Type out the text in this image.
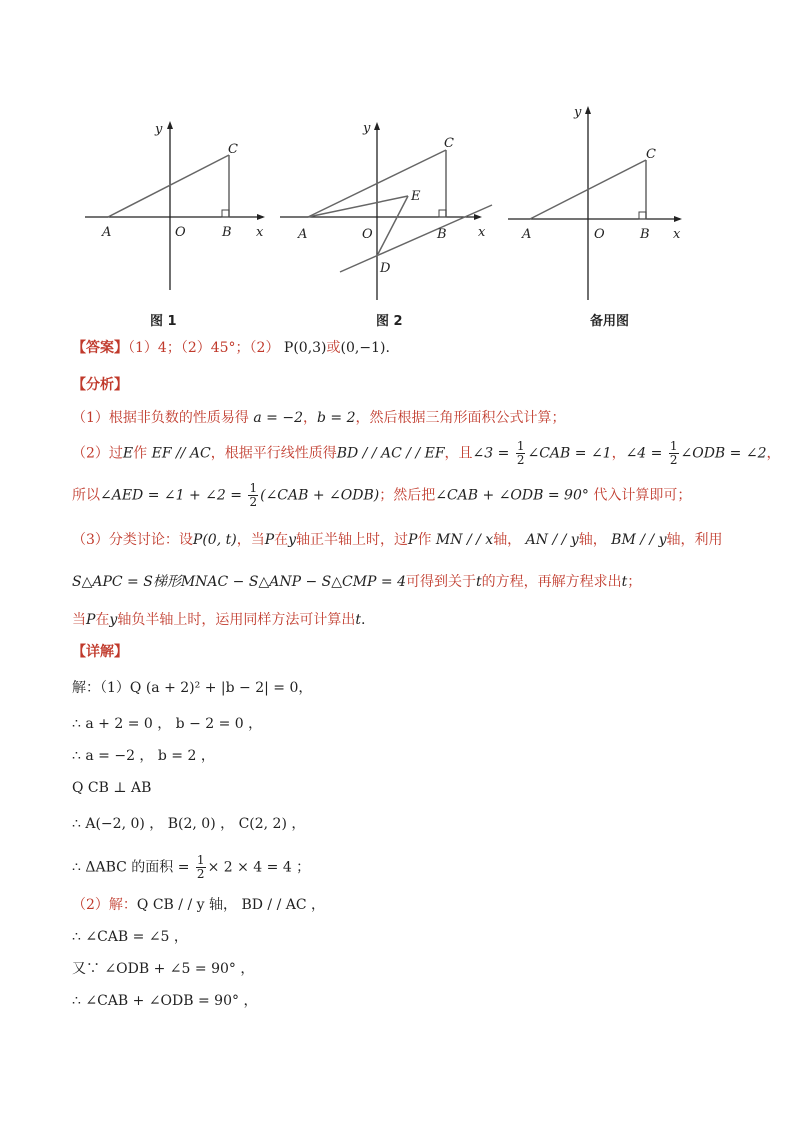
y
x
A	O	B
C
图 1
y
x
A	O	B
C
E
D
图 2
y
x
A	O	B
C
备用图
【答案】（1）4；（2）45°；（2） P(0,3)或(0,−1).
【分析】
（1）根据非负数的性质易得 a = −2，b = 2，然后根据三角形面积公式计算；
（2）过E作 EF // AC，根据平行线性质得BD / / AC / / EF，且∠3 = $\frac{1}{2}$ ∠CAB = ∠1，∠4 = $\frac{1}{2}$ ∠ODB = ∠2，
所以∠AED = ∠1 + ∠2 = $\frac{1}{2}$ (∠CAB + ∠ODB)；然后把∠CAB + ∠ODB = 90° 代入计算即可；
（3）分类讨论：设P(0, t)，当P在y轴正半轴上时，过P作 MN / / x轴， AN / / y轴， BM / / y轴，利用
S△APC = S梯形MNAC − S△ANP − S△CMP = 4可得到关于t的方程，再解方程求出t；
当P在y轴负半轴上时，运用同样方法可计算出t.
【详解】
解：（1）Q (a + 2)² + |b − 2| = 0，
∴ a + 2 = 0 ， b − 2 = 0 ，
∴ a = −2 ， b = 2 ，
Q CB ⊥ AB
∴ A(−2, 0) ， B(2, 0) ， C(2, 2) ，
∴ ΔABC 的面积 = $\frac{1}{2} \times 2 \times 4 = 4$ ；
（2）解：Q CB / / y 轴， BD / / AC ，
∴ ∠CAB = ∠5 ，
又∵ ∠ODB + ∠5 = 90° ，
∴ ∠CAB + ∠ODB = 90° ，
